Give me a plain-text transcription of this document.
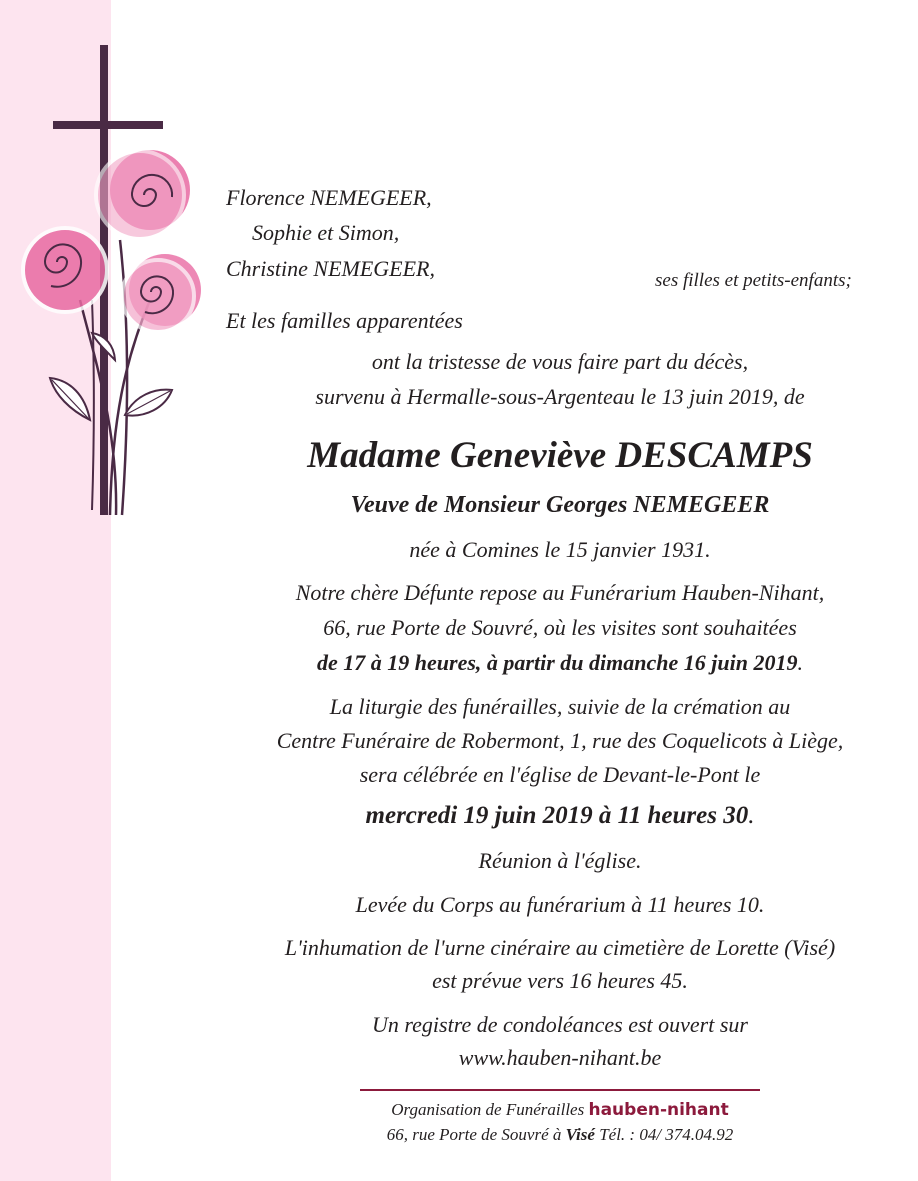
Florence NEMEGEER,
Sophie et Simon,
Christine NEMEGEER,	ses filles et petits-enfants;
Et les familles apparentées
ont la tristesse de vous faire part du décès,
survenu à Hermalle-sous-Argenteau le 13 juin 2019, de
Madame Geneviève DESCAMPS
Veuve de Monsieur Georges NEMEGEER
née à Comines le 15 janvier 1931.
Notre chère Défunte repose au Funérarium Hauben-Nihant,
66, rue Porte de Souvré, où les visites sont souhaitées
de 17 à 19 heures, à partir du dimanche 16 juin 2019.
La liturgie des funérailles, suivie de la crémation au
Centre Funéraire de Robermont, 1, rue des Coquelicots à Liège,
sera célébrée en l'église de Devant-le-Pont le
mercredi 19 juin 2019 à 11 heures 30.
Réunion à l'église.
Levée du Corps au funérarium à 11 heures 10.
L'inhumation de l'urne cinéraire au cimetière de Lorette (Visé)
est prévue vers 16 heures 45.
Un registre de condoléances est ouvert sur
www.hauben-nihant.be
Organisation de Funérailles hauben-nihant
66, rue Porte de Souvré à Visé Tél. : 04/ 374.04.92
